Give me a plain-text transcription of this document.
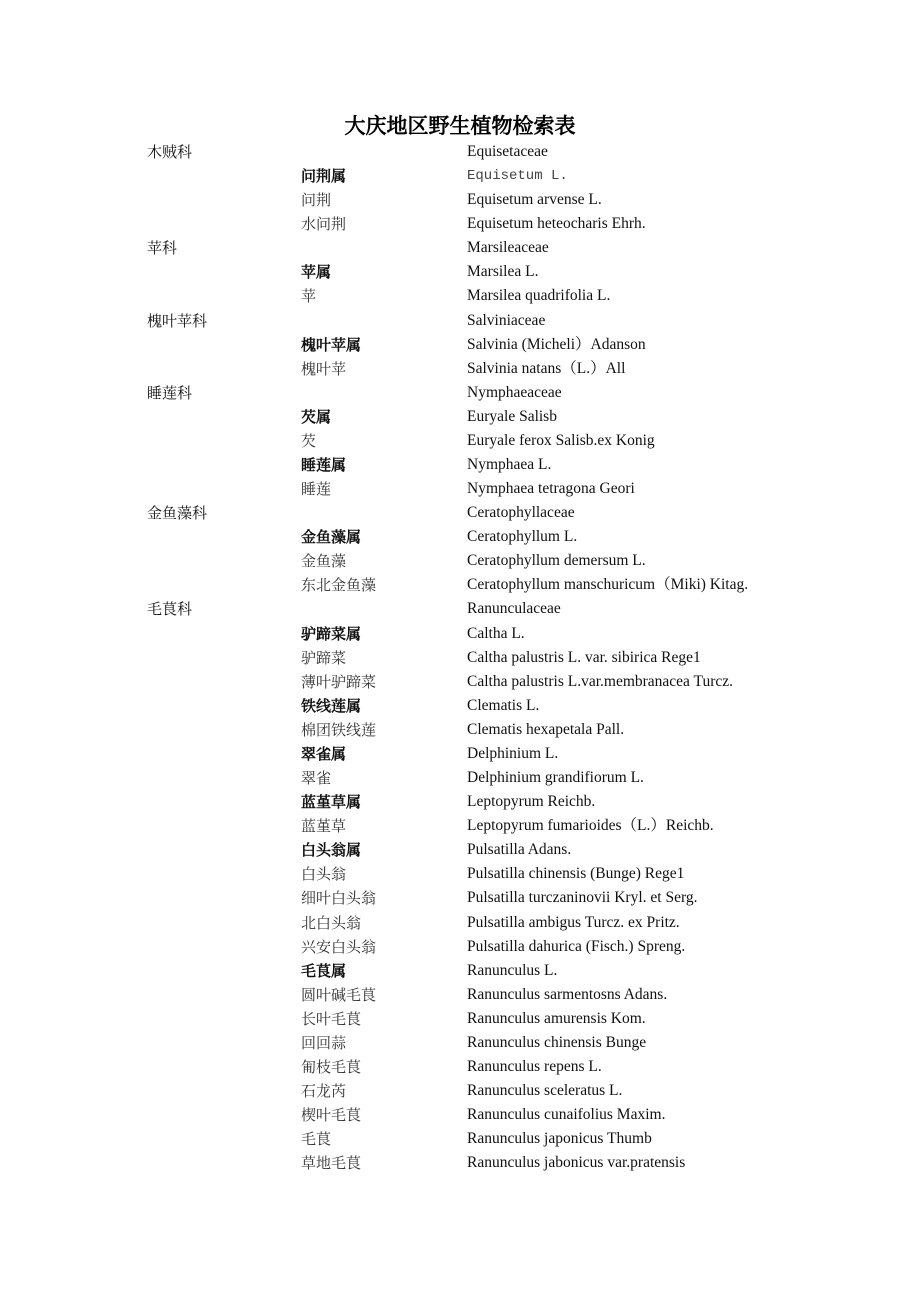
大庆地区野生植物检索表
木贼科	Equisetaceae
问荆属	Equisetum L.
问荆	Equisetum arvense L.
水问荆	Equisetum heteocharis Ehrh.
苹科	Marsileaceae
苹属	Marsilea L.
苹	Marsilea quadrifolia L.
槐叶苹科	Salviniaceae
槐叶苹属	Salvinia (Micheli）Adanson
槐叶苹	Salvinia natans（L.）All
睡莲科	Nymphaeaceae
芡属	Euryale Salisb
芡	Euryale ferox Salisb.ex Konig
睡莲属	Nymphaea L.
睡莲	Nymphaea tetragona Geori
金鱼藻科	Ceratophyllaceae
金鱼藻属	Ceratophyllum L.
金鱼藻	Ceratophyllum demersum L.
东北金鱼藻	Ceratophyllum manschuricum（Miki) Kitag.
毛茛科	Ranunculaceae
驴蹄菜属	Caltha L.
驴蹄菜	Caltha palustris L. var. sibirica Rege1
薄叶驴蹄菜	Caltha palustris L.var.membranacea Turcz.
铁线莲属	Clematis L.
棉团铁线莲	Clematis hexapetala Pall.
翠雀属	Delphinium L.
翠雀	Delphinium grandifiorum L.
蓝堇草属	Leptopyrum Reichb.
蓝堇草	Leptopyrum fumarioides（L.）Reichb.
白头翁属	Pulsatilla Adans.
白头翁	Pulsatilla chinensis (Bunge) Rege1
细叶白头翁	Pulsatilla turczaninovii Kryl. et Serg.
北白头翁	Pulsatilla ambigus Turcz. ex Pritz.
兴安白头翁	Pulsatilla dahurica (Fisch.) Spreng.
毛茛属	Ranunculus L.
圆叶碱毛茛	Ranunculus sarmentosns Adans.
长叶毛茛	Ranunculus amurensis Kom.
回回蒜	Ranunculus chinensis Bunge
匍枝毛茛	Ranunculus repens L.
石龙芮	Ranunculus sceleratus L.
楔叶毛茛	Ranunculus cunaifolius Maxim.
毛茛	Ranunculus japonicus Thumb
草地毛茛	Ranunculus jabonicus var.pratensis
